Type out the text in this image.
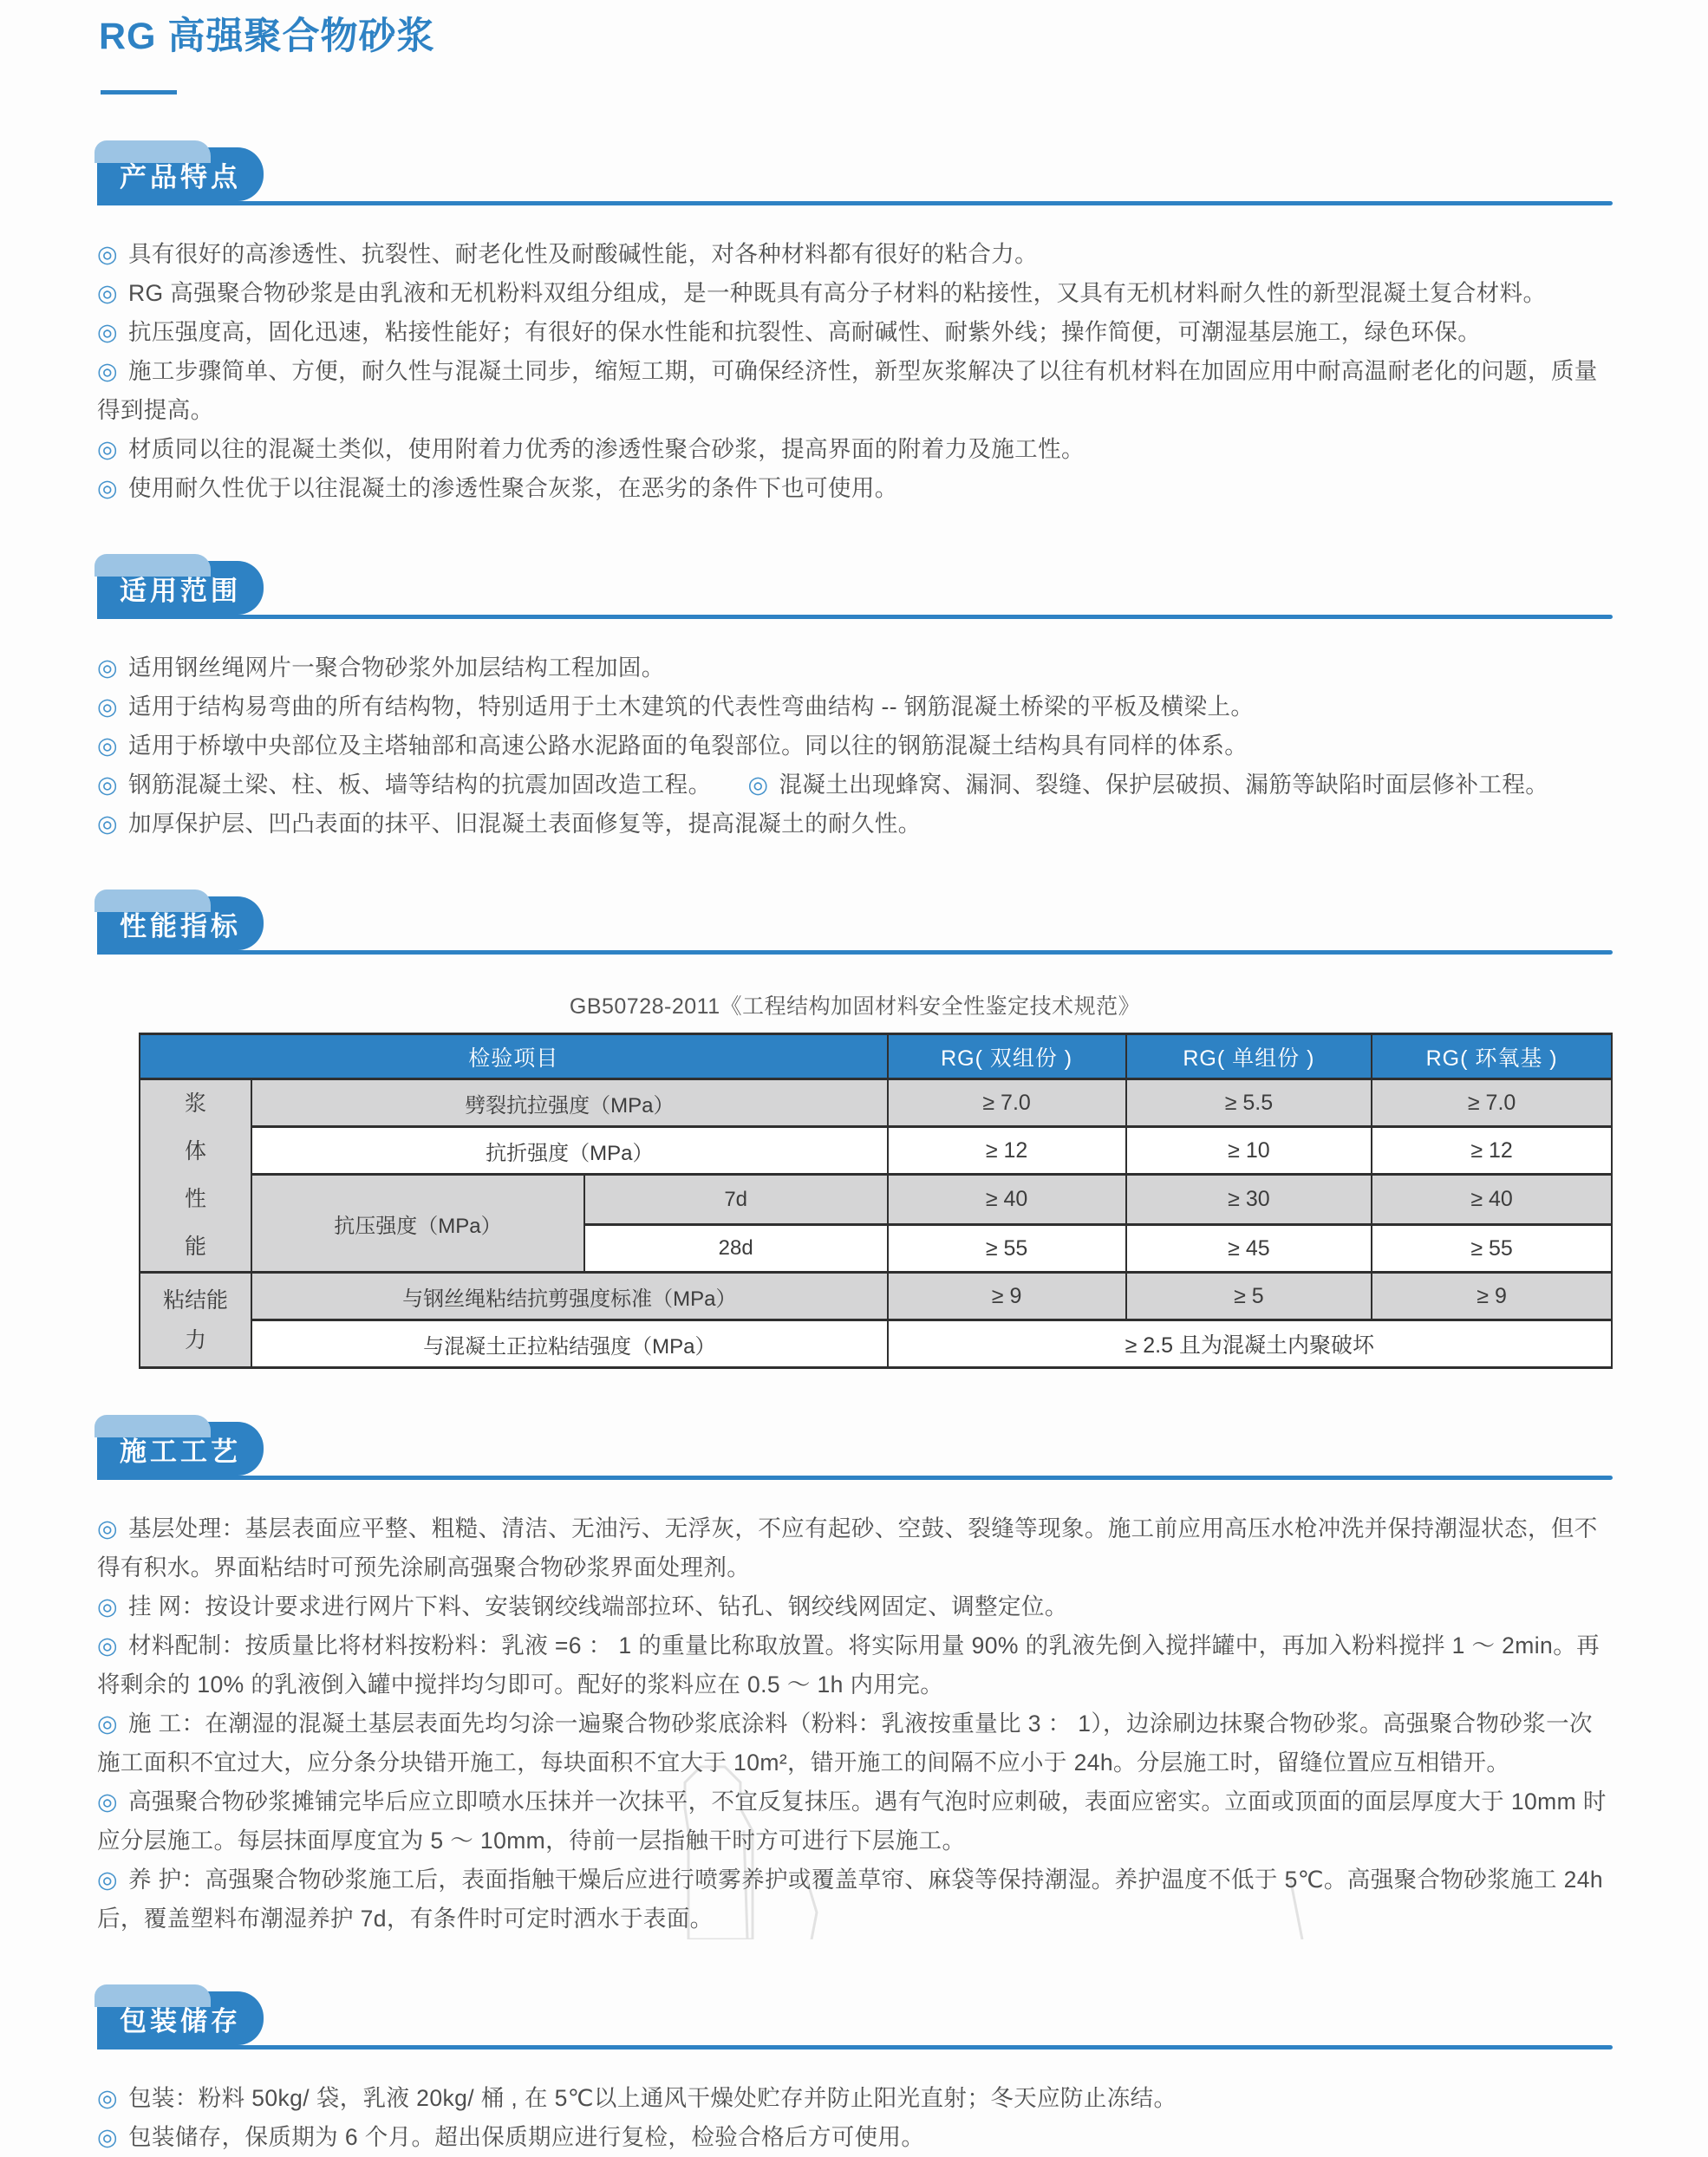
RG 高强聚合物砂浆
产品特点

◎ 具有很好的高渗透性、抗裂性、耐老化性及耐酸碱性能，对各种材料都有很好的粘合力。

◎ RG 高强聚合物砂浆是由乳液和无机粉料双组分组成，是一种既具有高分子材料的粘接性，又具有无机材料耐久性的新型混凝土复合材料。

◎ 抗压强度高，固化迅速，粘接性能好；有很好的保水性能和抗裂性、高耐碱性、耐紫外线；操作简便，可潮湿基层施工，绿色环保。

◎ 施工步骤简单、方便，耐久性与混凝土同步，缩短工期，可确保经济性，新型灰浆解决了以往有机材料在加固应用中耐高温耐老化的问题，质量得到提高。

◎ 材质同以往的混凝土类似，使用附着力优秀的渗透性聚合砂浆，提高界面的附着力及施工性。

◎ 使用耐久性优于以往混凝土的渗透性聚合灰浆，在恶劣的条件下也可使用。

适用范围

◎ 适用钢丝绳网片一聚合物砂浆外加层结构工程加固。

◎ 适用于结构易弯曲的所有结构物，特别适用于土木建筑的代表性弯曲结构 -- 钢筋混凝土桥梁的平板及横梁上。

◎ 适用于桥墩中央部位及主塔轴部和高速公路水泥路面的龟裂部位。同以往的钢筋混凝土结构具有同样的体系。

◎ 钢筋混凝土梁、柱、板、墙等结构的抗震加固改造工程。 ◎ 混凝土出现蜂窝、漏洞、裂缝、保护层破损、漏筋等缺陷时面层修补工程。

◎ 加厚保护层、凹凸表面的抹平、旧混凝土表面修复等，提高混凝土的耐久性。

性能指标
GB50728-2011《工程结构加固材料安全性鉴定技术规范》
检验项目			RG( 双组份 )	RG( 单组份 )	RG( 环氧基 )

浆体性能	劈裂抗拉强度（MPa）		≥ 7.0	≥ 5.5	≥ 7.0
	抗折强度（MPa）		≥ 12	≥ 10	≥ 12
	抗压强度（MPa）	7d	≥ 40	≥ 30	≥ 40
		28d	≥ 55	≥ 45	≥ 55

粘结能力	与钢丝绳粘结抗剪强度标准（MPa）		≥ 9	≥ 5	≥ 9
	与混凝土正拉粘结强度（MPa）		≥ 2.5 且为混凝土内聚破坏		
施工工艺

◎ 基层处理：基层表面应平整、粗糙、清洁、无油污、无浮灰，不应有起砂、空鼓、裂缝等现象。施工前应用高压水枪冲洗并保持潮湿状态，但不得有积水。界面粘结时可预先涂刷高强聚合物砂浆界面处理剂。

◎ 挂 网：按设计要求进行网片下料、安装钢绞线端部拉环、钻孔、钢绞线网固定、调整定位。

◎ 材料配制：按质量比将材料按粉料：乳液 =6 ： 1 的重量比称取放置。将实际用量 90% 的乳液先倒入搅拌罐中，再加入粉料搅拌 1 ～ 2min。再将剩余的 10% 的乳液倒入罐中搅拌均匀即可。配好的浆料应在 0.5 ～ 1h 内用完。

◎ 施 工：在潮湿的混凝土基层表面先均匀涂一遍聚合物砂浆底涂料（粉料：乳液按重量比 3 ： 1），边涂刷边抹聚合物砂浆。高强聚合物砂浆一次施工面积不宜过大，应分条分块错开施工，每块面积不宜大于 10m²，错开施工的间隔不应小于 24h。分层施工时，留缝位置应互相错开。

◎ 高强聚合物砂浆摊铺完毕后应立即喷水压抹并一次抹平，不宜反复抹压。遇有气泡时应刺破，表面应密实。立面或顶面的面层厚度大于 10mm 时应分层施工。每层抹面厚度宜为 5 ～ 10mm，待前一层指触干时方可进行下层施工。

◎ 养 护：高强聚合物砂浆施工后，表面指触干燥后应进行喷雾养护或覆盖草帘、麻袋等保持潮湿。养护温度不低于 5℃。高强聚合物砂浆施工 24h 后，覆盖塑料布潮湿养护 7d，有条件时可定时洒水于表面。

包装储存

◎ 包装：粉料 50kg/ 袋，乳液 20kg/ 桶 , 在 5℃以上通风干燥处贮存并防止阳光直射；冬天应防止冻结。

◎ 包装储存，保质期为 6 个月。超出保质期应进行复检，检验合格后方可使用。
